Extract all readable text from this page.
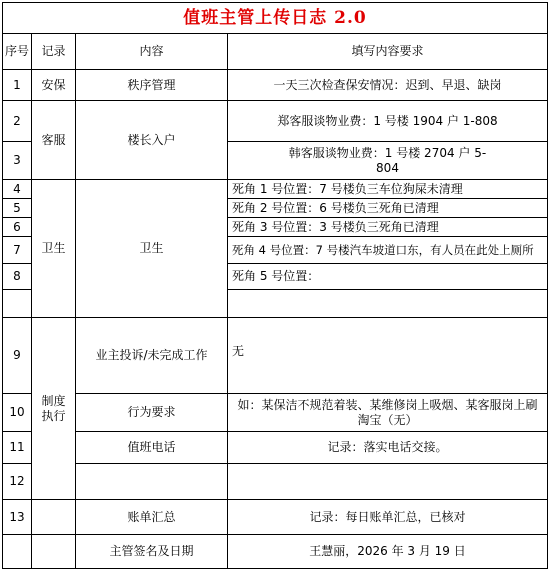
值班主管上传日志 2.0			
序号	记录	内容	填写内容要求
1	安保	秩序管理	一天三次检查保安情况：迟到、早退、缺岗
2	客服	楼长入户	郑客服谈物业费：1 号楼 1904 户 1-808
3			韩客服谈物业费：1 号楼 2704 户 5-804

4	卫生	卫生	死角 1 号位置：7 号楼负三车位狗屎未清理
5			死角 2 号位置：6 号楼负三死角已清理
6			死角 3 号位置：3 号楼负三死角已清理
7			死角 4 号位置：7 号楼汽车坡道口东，有人员在此处上厕所
8			死角 5 号位置：

9	制度执行	业主投诉/未完成工作	无
10		行为要求	如：某保洁不规范着装、某维修岗上吸烟、某客服岗上刷淘宝（无）
11		值班电话	记录：落实电话交接。
12			
13		账单汇总	记录：每日账单汇总，已核对
		主管签名及日期	王慧丽，2026 年 3 月 19 日
